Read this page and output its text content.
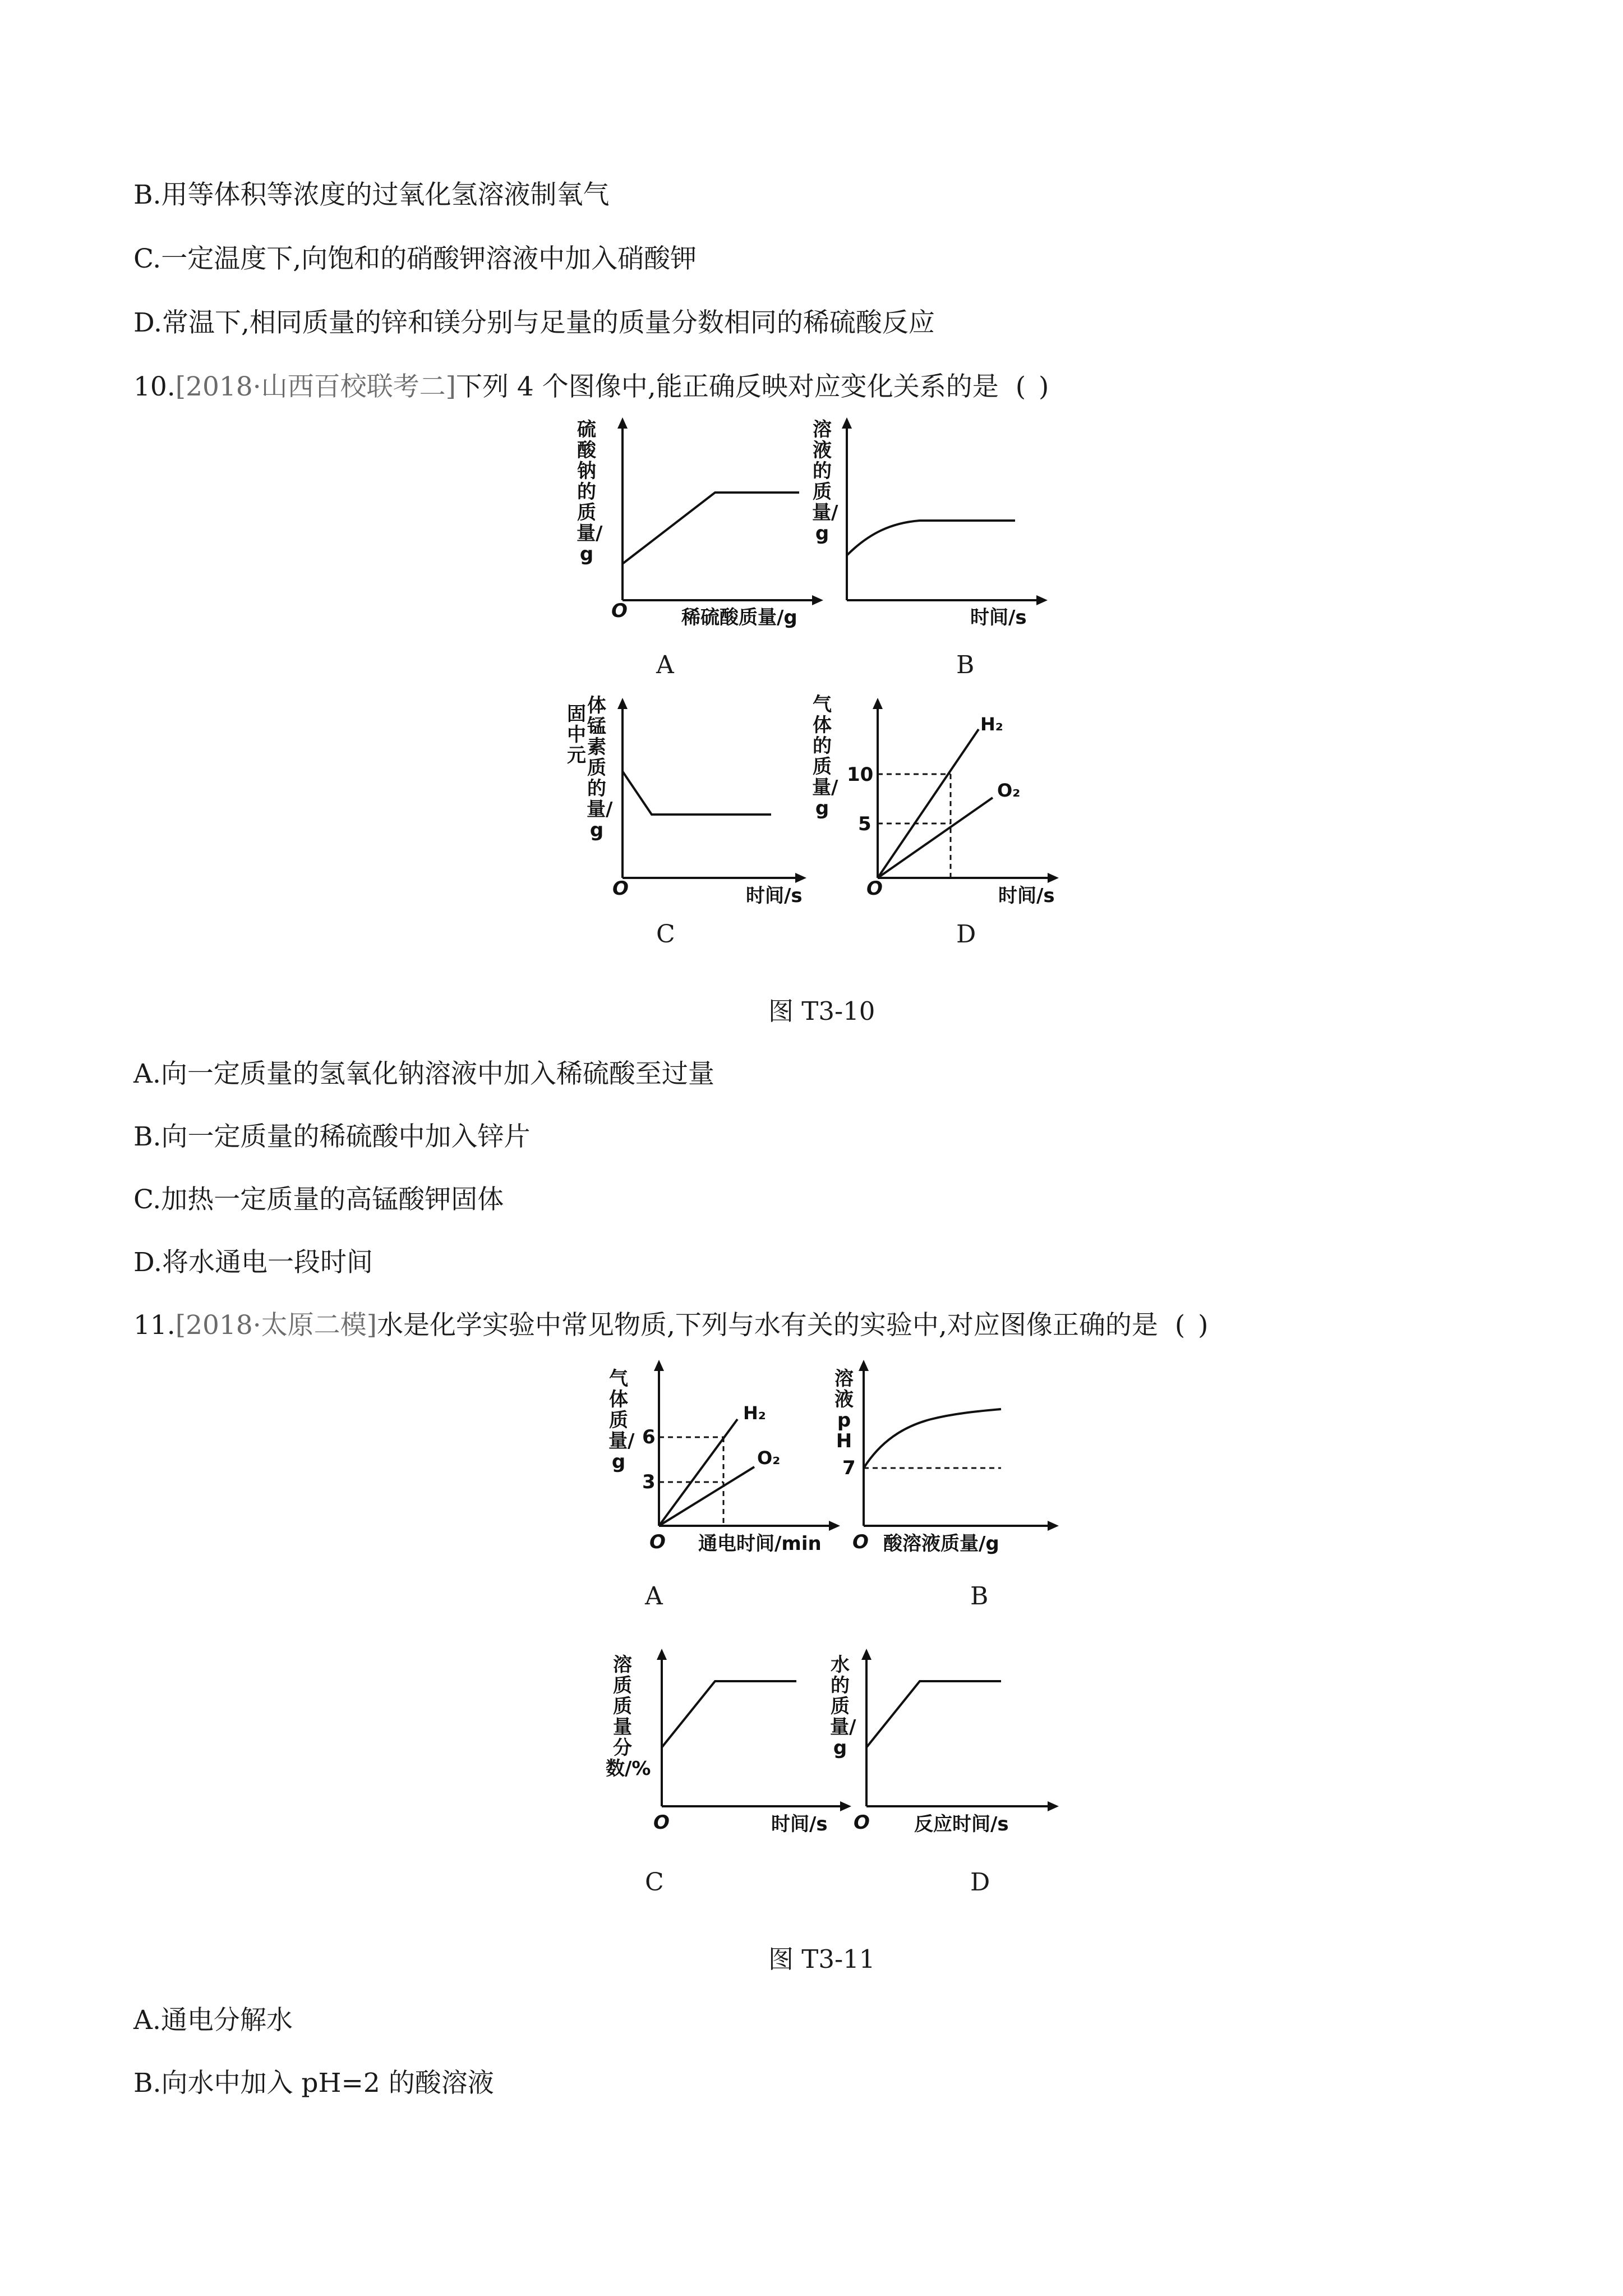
B.用等体积等浓度的过氧化氢溶液制氧气
C.一定温度下,向饱和的硝酸钾溶液中加入硝酸钾
D.常温下,相同质量的锌和镁分别与足量的质量分数相同的稀硫酸反应
10.[2018·山西百校联考二]下列 4 个图像中,能正确反映对应变化关系的是 ( )
硫酸钠的质量/g
O	稀硫酸质量/g
A
溶液的质量/g
时间/s
B
固中元
体锰素质的量/g
O	时间/s
C
气体的质量/g
10
5
H₂
O₂
O	时间/s
D
图 T3-10
A.向一定质量的氢氧化钠溶液中加入稀硫酸至过量
B.向一定质量的稀硫酸中加入锌片
C.加热一定质量的高锰酸钾固体
D.将水通电一段时间
11.[2018·太原二模]水是化学实验中常见物质,下列与水有关的实验中,对应图像正确的是 ( )
气体质量/g
6
3
H₂
O₂
O 通电时间/min
A
溶液pH
7
O 酸溶液质量/g
B
溶质质量分数/%
O	时间/s
C
水的质量/g
O 反应时间/s
D
图 T3-11
A.通电分解水
B.向水中加入 pH=2 的酸溶液
